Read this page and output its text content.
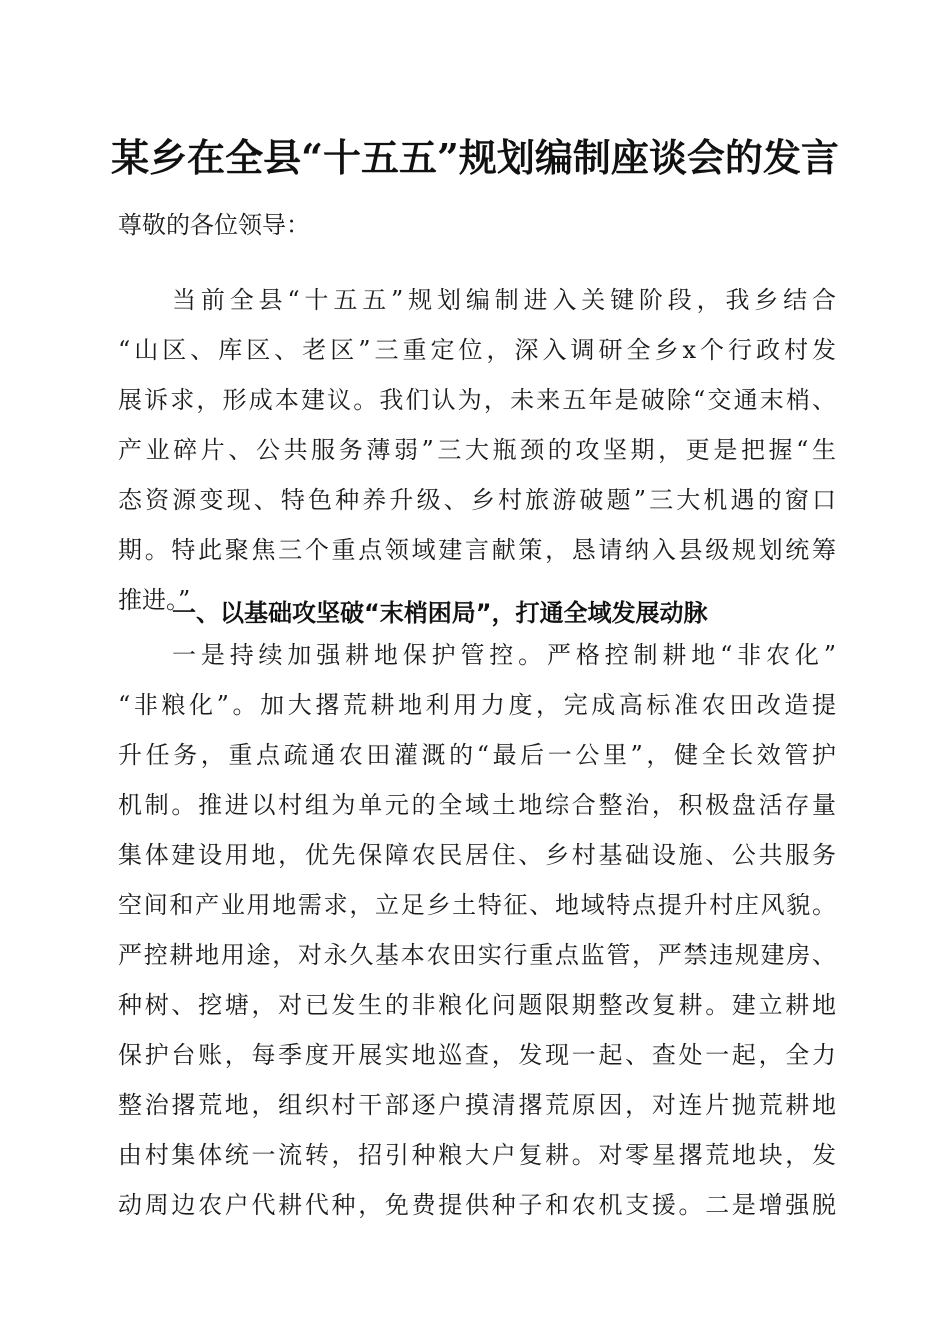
某乡在全县“十五五”规划编制座谈会的发言
尊敬的各位领导：
当前全县“十五五”规划编制进入关键阶段，我乡结合
“山区、库区、老区”三重定位，深入调研全乡x个行政村发
展诉求，形成本建议。我们认为，未来五年是破除“交通末梢、
产业碎片、公共服务薄弱”三大瓶颈的攻坚期，更是把握“生
态资源变现、特色种养升级、乡村旅游破题”三大机遇的窗口
期。特此聚焦三个重点领域建言献策，恳请纳入县级规划统筹
推进。”
一、以基础攻坚破“末梢困局”，打通全域发展动脉
一是持续加强耕地保护管控。严格控制耕地“非农化”
“非粮化”。加大撂荒耕地利用力度，完成高标准农田改造提
升任务，重点疏通农田灌溉的“最后一公里”，健全长效管护
机制。推进以村组为单元的全域土地综合整治，积极盘活存量
集体建设用地，优先保障农民居住、乡村基础设施、公共服务
空间和产业用地需求，立足乡土特征、地域特点提升村庄风貌。
严控耕地用途，对永久基本农田实行重点监管，严禁违规建房、
种树、挖塘，对已发生的非粮化问题限期整改复耕。建立耕地
保护台账，每季度开展实地巡查，发现一起、查处一起，全力
整治撂荒地，组织村干部逐户摸清撂荒原因，对连片抛荒耕地
由村集体统一流转，招引种粮大户复耕。对零星撂荒地块，发
动周边农户代耕代种，免费提供种子和农机支援。二是增强脱
